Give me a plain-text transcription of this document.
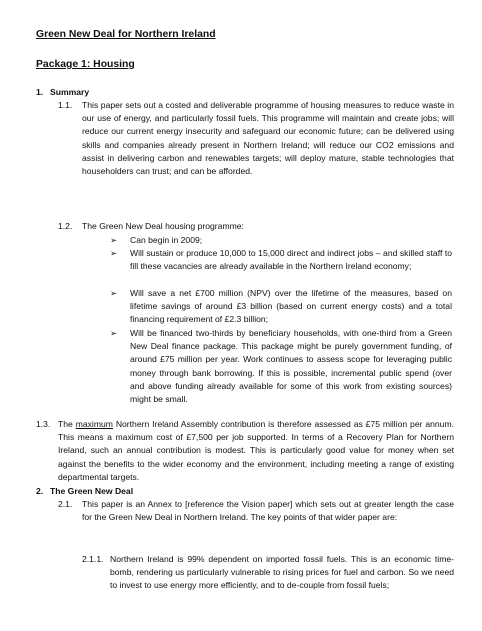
Green New Deal for Northern Ireland
Package 1: Housing
1. Summary
1.1. This paper sets out a costed and deliverable programme of housing measures to reduce waste in our use of energy, and particularly fossil fuels. This programme will maintain and create jobs; will reduce our current energy insecurity and safeguard our economic future; can be delivered using skills and companies already present in Northern Ireland; will reduce our CO2 emissions and assist in delivering carbon and renewables targets; will deploy mature, stable technologies that householders can trust; and can be afforded.
1.2. The Green New Deal housing programme:
➢ Can begin in 2009;
➢ Will sustain or produce 10,000 to 15,000 direct and indirect jobs – and skilled staff to fill these vacancies are already available in the Northern Ireland economy;
➢ Will save a net £700 million (NPV) over the lifetime of the measures, based on lifetime savings of around £3 billion (based on current energy costs) and a total financing requirement of £2.3 billion;
➢ Will be financed two-thirds by beneficiary households, with one-third from a Green New Deal finance package. This package might be purely government funding, of around £75 million per year. Work continues to assess scope for leveraging public money through bank borrowing. If this is possible, incremental public spend (over and above funding already available for some of this work from existing sources) might be small.
1.3. The maximum Northern Ireland Assembly contribution is therefore assessed as £75 million per annum. This means a maximum cost of £7,500 per job supported. In terms of a Recovery Plan for Northern Ireland, such an annual contribution is modest. This is particularly good value for money when set against the benefits to the wider economy and the environment, including meeting a range of existing departmental targets.
2. The Green New Deal
2.1. This paper is an Annex to [reference the Vision paper] which sets out at greater length the case for the Green New Deal in Northern Ireland. The key points of that wider paper are:
2.1.1. Northern Ireland is 99% dependent on imported fossil fuels. This is an economic time-bomb, rendering us particularly vulnerable to rising prices for fuel and carbon. So we need to invest to use energy more efficiently, and to de-couple from fossil fuels;
